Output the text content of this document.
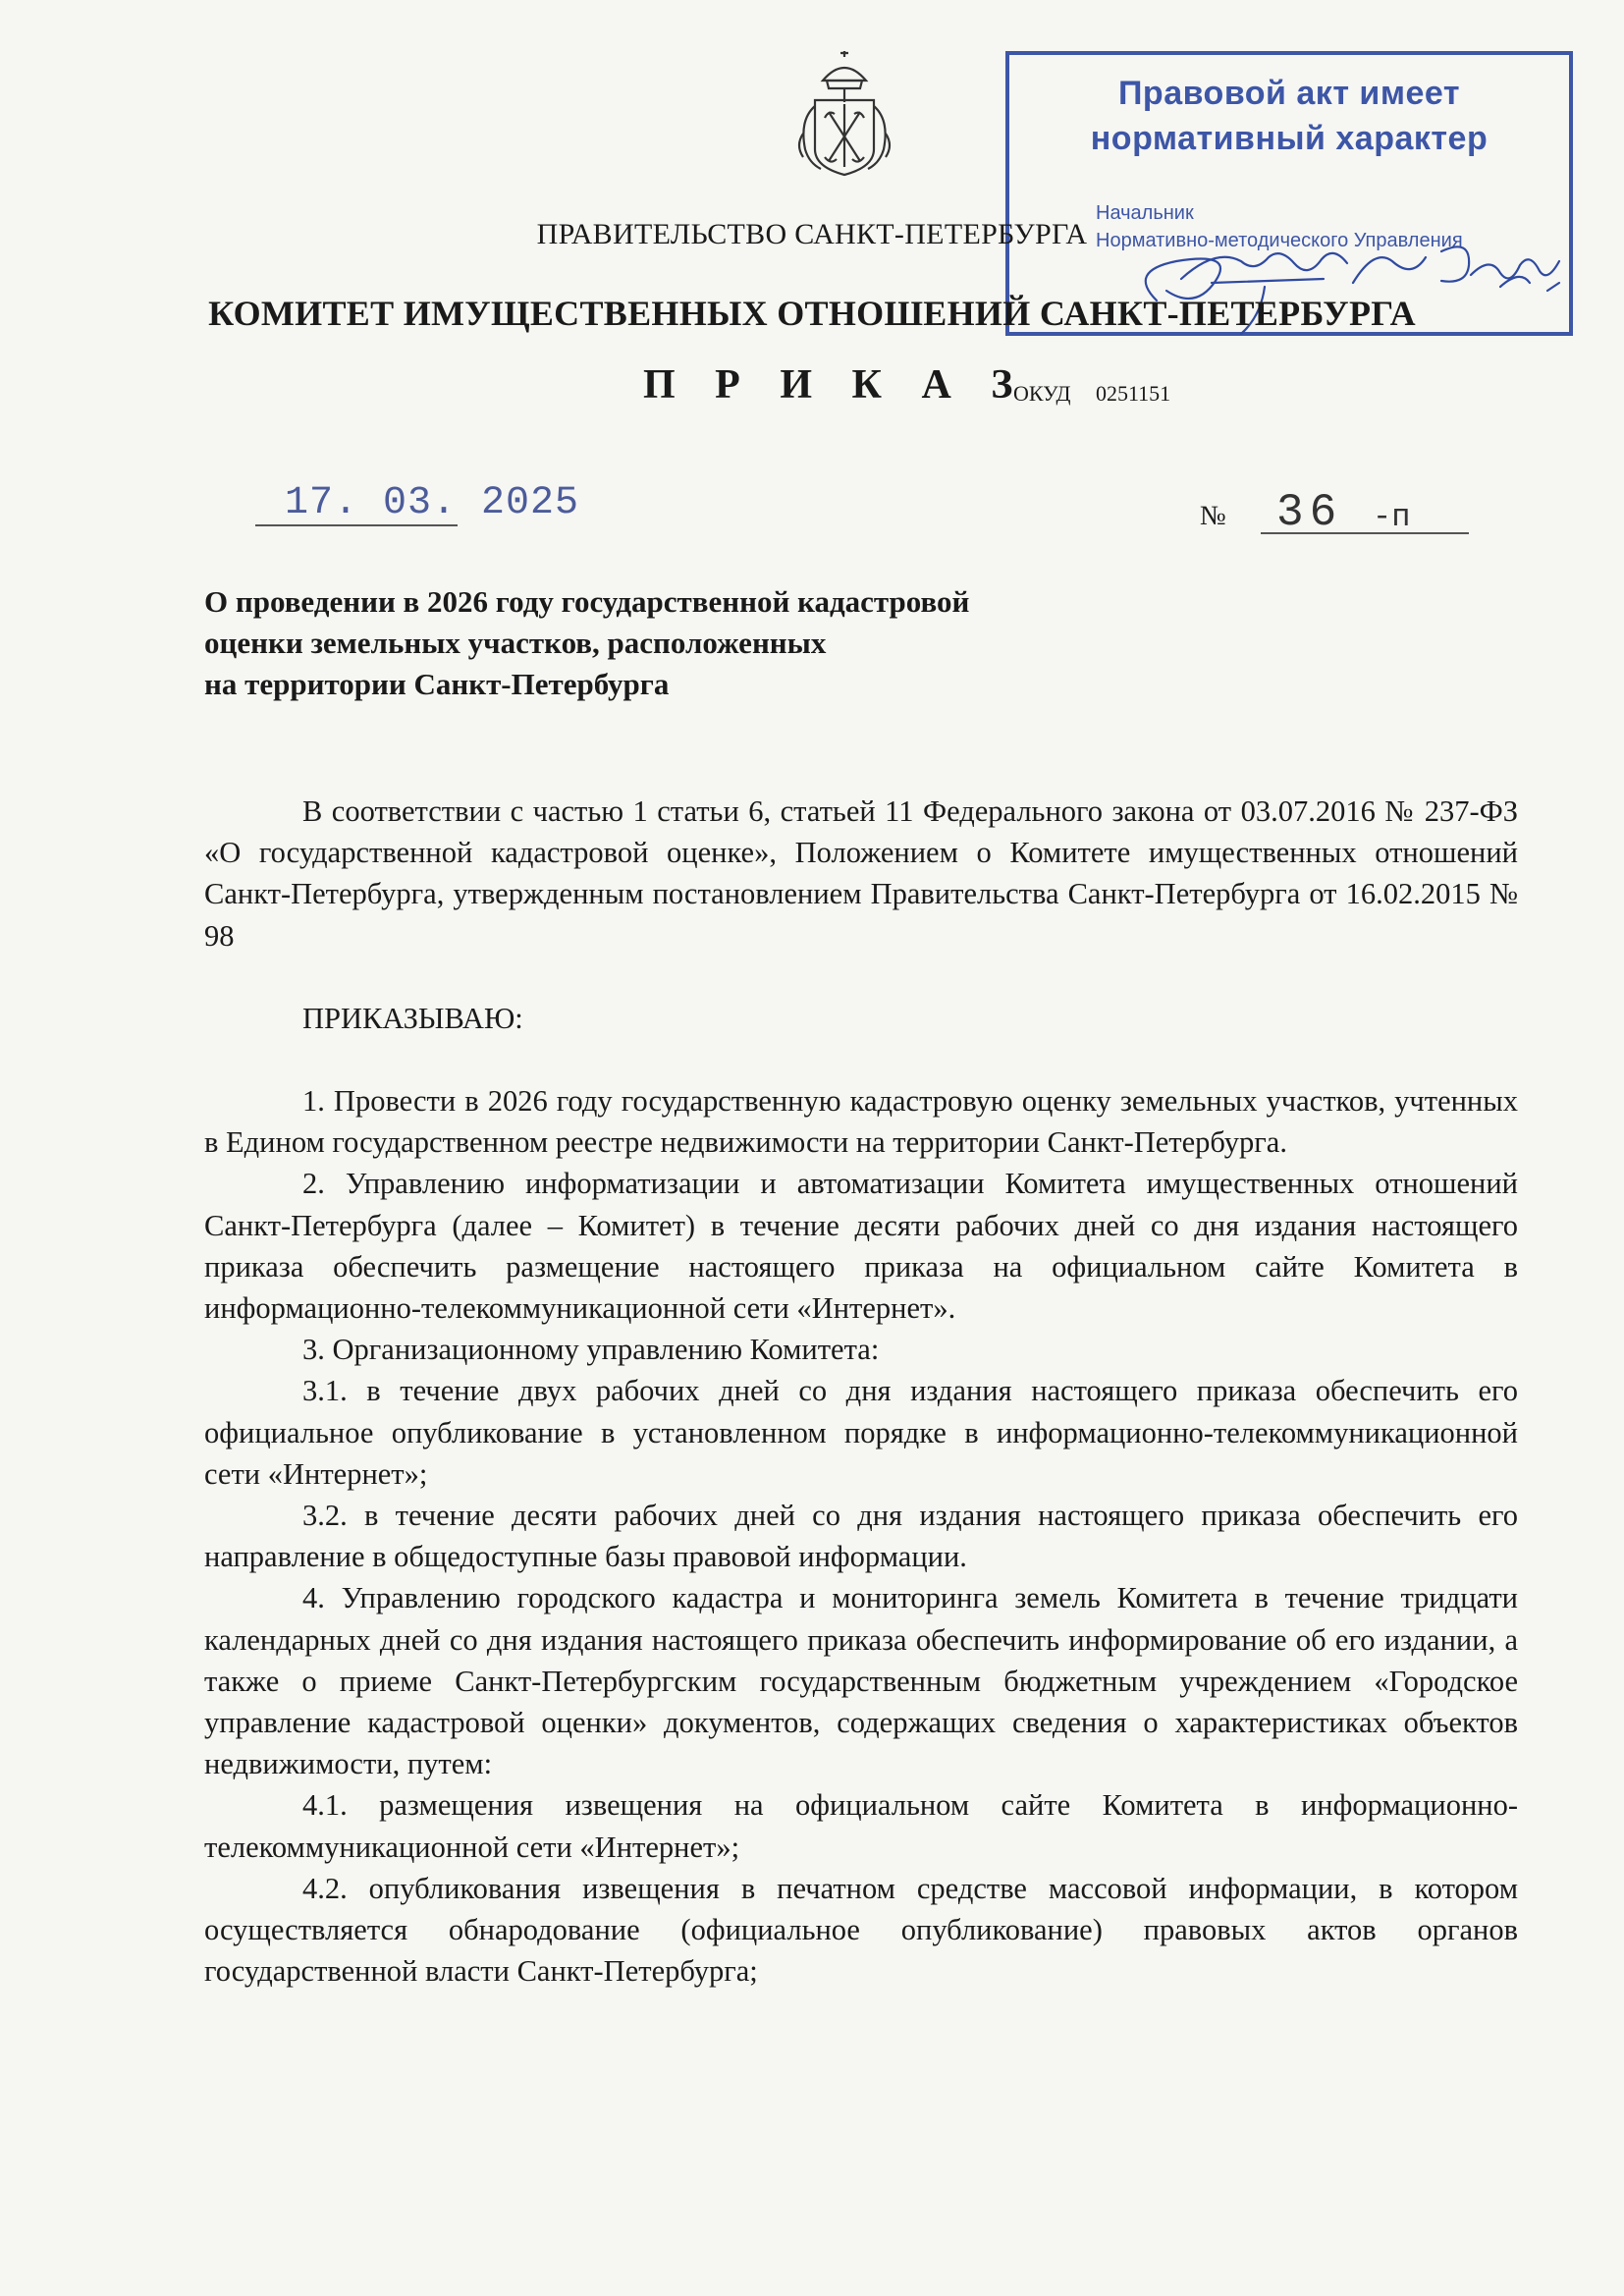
Правовой акт имеет
нормативный характер
Начальник
Нормативно-методического Управления
ПРАВИТЕЛЬСТВО САНКТ-ПЕТЕРБУРГА
КОМИТЕТ ИМУЩЕСТВЕННЫХ ОТНОШЕНИЙ САНКТ-ПЕТЕРБУРГА
П Р И К А З
ОКУД 0251151
17. 03. 2025	№ 36 -п
О проведении в 2026 году государственной кадастровой
оценки земельных участков, расположенных
на территории Санкт-Петербурга

В соответствии с частью 1 статьи 6, статьей 11 Федерального закона от 03.07.2016 № 237-ФЗ «О государственной кадастровой оценке», Положением о Комитете имущественных отношений Санкт-Петербурга, утвержденным постановлением Правительства Санкт-Петербурга от 16.02.2015 № 98

ПРИКАЗЫВАЮ:

1. Провести в 2026 году государственную кадастровую оценку земельных участков, учтенных в Едином государственном реестре недвижимости на территории Санкт-Петербурга.

2. Управлению информатизации и автоматизации Комитета имущественных отношений Санкт-Петербурга (далее – Комитет) в течение десяти рабочих дней со дня издания настоящего приказа обеспечить размещение настоящего приказа на официальном сайте Комитета в информационно-телекоммуникационной сети «Интернет».

3. Организационному управлению Комитета:

3.1. в течение двух рабочих дней со дня издания настоящего приказа обеспечить его официальное опубликование в установленном порядке в информационно-телекоммуникационной сети «Интернет»;

3.2. в течение десяти рабочих дней со дня издания настоящего приказа обеспечить его направление в общедоступные базы правовой информации.

4. Управлению городского кадастра и мониторинга земель Комитета в течение тридцати календарных дней со дня издания настоящего приказа обеспечить информирование об его издании, а также о приеме Санкт-Петербургским государственным бюджетным учреждением «Городское управление кадастровой оценки» документов, содержащих сведения о характеристиках объектов недвижимости, путем:

4.1. размещения извещения на официальном сайте Комитета в информационно-телекоммуникационной сети «Интернет»;

4.2. опубликования извещения в печатном средстве массовой информации, в котором осуществляется обнародование (официальное опубликование) правовых актов органов государственной власти Санкт-Петербурга;
